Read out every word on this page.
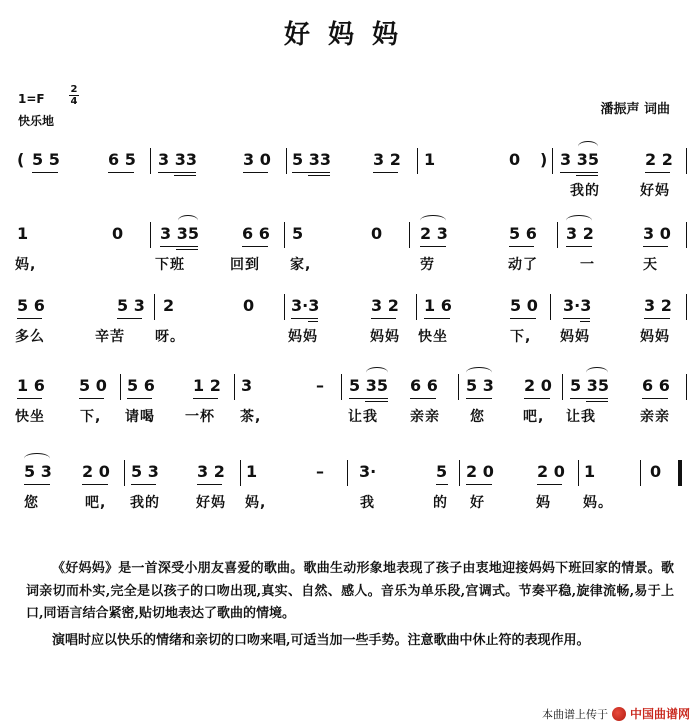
好妈妈
1=F
2
4
快乐地
潘振声 词曲
( 5 5	6 5 3 33	3 0 5 33	3 2 1	0 ) 3 35	2 2
我的	好妈
1	0 3 35	6 6 5	0 2 3	5 6 3 2	3 0
妈,	下班	回到 家,	劳	动了	一	天
5 6	5 3 2	0 3·3	3 2 1 6	5 0 3·3	3 2
多么	辛苦 呀。	妈妈	妈妈 快坐	下, 妈妈	妈妈
1 6 5 0 5 6 1 2 3	– 5 35 6 6 5 3 2 0 5 35 6 6
快坐	下, 请喝 一杯 茶,	让我 亲亲 您	吧, 让我	亲亲
5 3 2 0 5 3 3 2 1	– 3·	5 2 0	2 0 1	0
您	吧, 我的	好妈 妈,	我	的 好	妈 妈。

《好妈妈》是一首深受小朋友喜爱的歌曲。歌曲生动形象地表现了孩子由衷地迎接妈妈下班回家的情景。歌词亲切而朴实,完全是以孩子的口吻出现,真实、自然、感人。音乐为单乐段,宫调式。节奏平稳,旋律流畅,易于上口,同语言结合紧密,贴切地表达了歌曲的情境。

演唱时应以快乐的情绪和亲切的口吻来唱,可适当加一些手势。注意歌曲中休止符的表现作用。

本曲谱上传于 中国曲谱网
